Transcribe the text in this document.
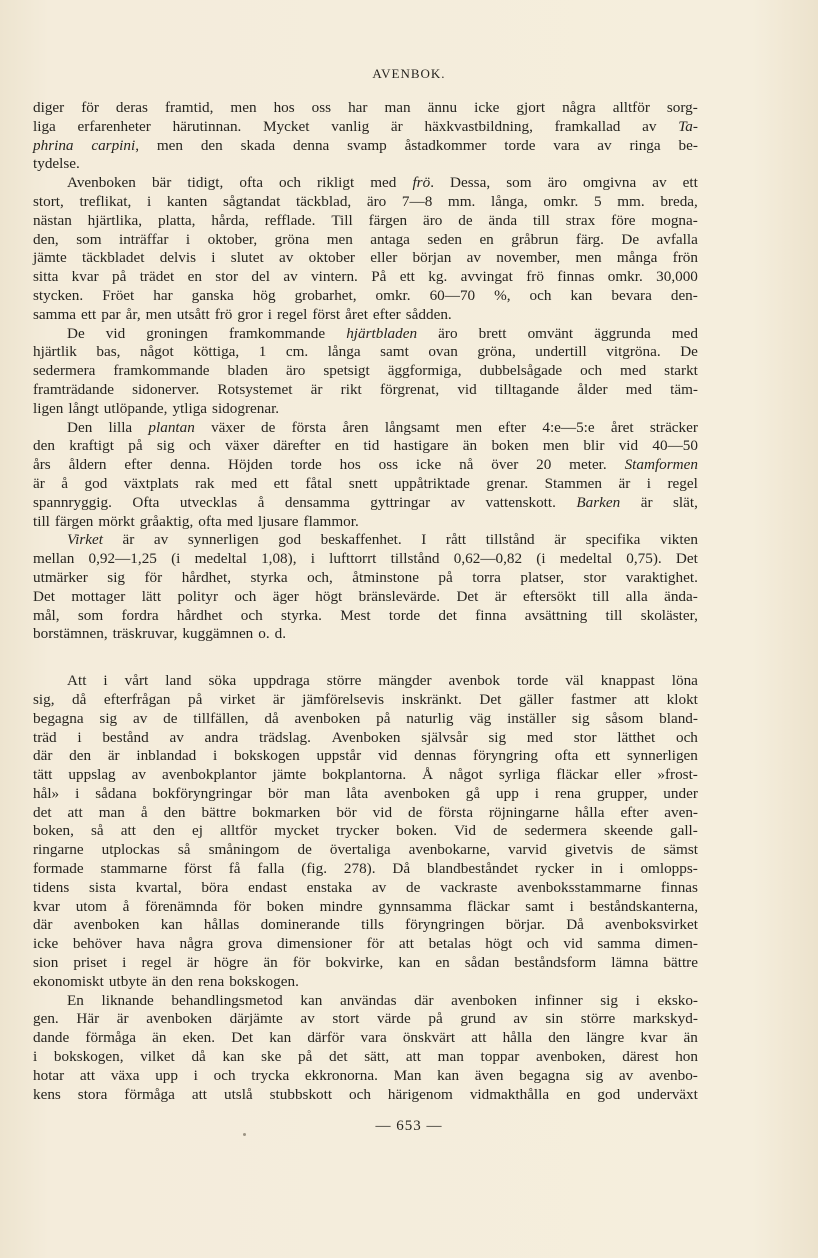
AVENBOK.
diger för deras framtid, men hos oss har man ännu icke gjort några alltför sorg-
liga erfarenheter härutinnan. Mycket vanlig är häxkvastbildning, framkallad av Ta-
phrina carpini, men den skada denna svamp åstadkommer torde vara av ringa be-
tydelse.
Avenboken bär tidigt, ofta och rikligt med frö. Dessa, som äro omgivna av ett
stort, treflikat, i kanten sågtandat täckblad, äro 7—8 mm. långa, omkr. 5 mm. breda,
nästan hjärtlika, platta, hårda, refflade. Till färgen äro de ända till strax före mogna-
den, som inträffar i oktober, gröna men antaga seden en gråbrun färg. De avfalla
jämte täckbladet delvis i slutet av oktober eller början av november, men många frön
sitta kvar på trädet en stor del av vintern. På ett kg. avvingat frö finnas omkr. 30,000
stycken. Fröet har ganska hög grobarhet, omkr. 60—70 %, och kan bevara den-
samma ett par år, men utsått frö gror i regel först året efter sådden.
De vid groningen framkommande hjärtbladen äro brett omvänt äggrunda med
hjärtlik bas, något köttiga, 1 cm. långa samt ovan gröna, undertill vitgröna. De
sedermera framkommande bladen äro spetsigt äggformiga, dubbelsågade och med starkt
framträdande sidonerver. Rotsystemet är rikt förgrenat, vid tilltagande ålder med täm-
ligen långt utlöpande, ytliga sidogrenar.
Den lilla plantan växer de första åren långsamt men efter 4:e—5:e året sträcker
den kraftigt på sig och växer därefter en tid hastigare än boken men blir vid 40—50
års åldern efter denna. Höjden torde hos oss icke nå över 20 meter. Stamformen
är å god växtplats rak med ett fåtal snett uppåtriktade grenar. Stammen är i regel
spannryggig. Ofta utvecklas å densamma gyttringar av vattenskott. Barken är slät,
till färgen mörkt gråaktig, ofta med ljusare flammor.
Virket är av synnerligen god beskaffenhet. I rått tillstånd är specifika vikten
mellan 0,92—1,25 (i medeltal 1,08), i lufttorrt tillstånd 0,62—0,82 (i medeltal 0,75). Det
utmärker sig för hårdhet, styrka och, åtminstone på torra platser, stor varaktighet.
Det mottager lätt polityr och äger högt bränslevärde. Det är eftersökt till alla ända-
mål, som fordra hårdhet och styrka. Mest torde det finna avsättning till skoläster,
borstämnen, träskruvar, kuggämnen o. d.
Att i vårt land söka uppdraga större mängder avenbok torde väl knappast löna
sig, då efterfrågan på virket är jämförelsevis inskränkt. Det gäller fastmer att klokt
begagna sig av de tillfällen, då avenboken på naturlig väg inställer sig såsom bland-
träd i bestånd av andra trädslag. Avenboken självsår sig med stor lätthet och
där den är inblandad i bokskogen uppstår vid dennas föryngring ofta ett synnerligen
tätt uppslag av avenbokplantor jämte bokplantorna. Å något syrliga fläckar eller »frost-
hål» i sådana bokföryngringar bör man låta avenboken gå upp i rena grupper, under
det att man å den bättre bokmarken bör vid de första röjningarne hålla efter aven-
boken, så att den ej alltför mycket trycker boken. Vid de sedermera skeende gall-
ringarne utplockas så småningom de övertaliga avenbokarne, varvid givetvis de sämst
formade stammarne först få falla (fig. 278). Då blandbeståndet rycker in i omlopps-
tidens sista kvartal, böra endast enstaka av de vackraste avenboksstammarne finnas
kvar utom å förenämnda för boken mindre gynnsamma fläckar samt i beståndskanterna,
där avenboken kan hållas dominerande tills föryngringen börjar. Då avenboksvirket
icke behöver hava några grova dimensioner för att betalas högt och vid samma dimen-
sion priset i regel är högre än för bokvirke, kan en sådan beståndsform lämna bättre
ekonomiskt utbyte än den rena bokskogen.
En liknande behandlingsmetod kan användas där avenboken infinner sig i eksko-
gen. Här är avenboken därjämte av stort värde på grund av sin större markskyd-
dande förmåga än eken. Det kan därför vara önskvärt att hålla den längre kvar än
i bokskogen, vilket då kan ske på det sätt, att man toppar avenboken, därest hon
hotar att växa upp i och trycka ekkronorna. Man kan även begagna sig av avenbo-
kens stora förmåga att utslå stubbskott och härigenom vidmakthålla en god underväxt
— 653 —
